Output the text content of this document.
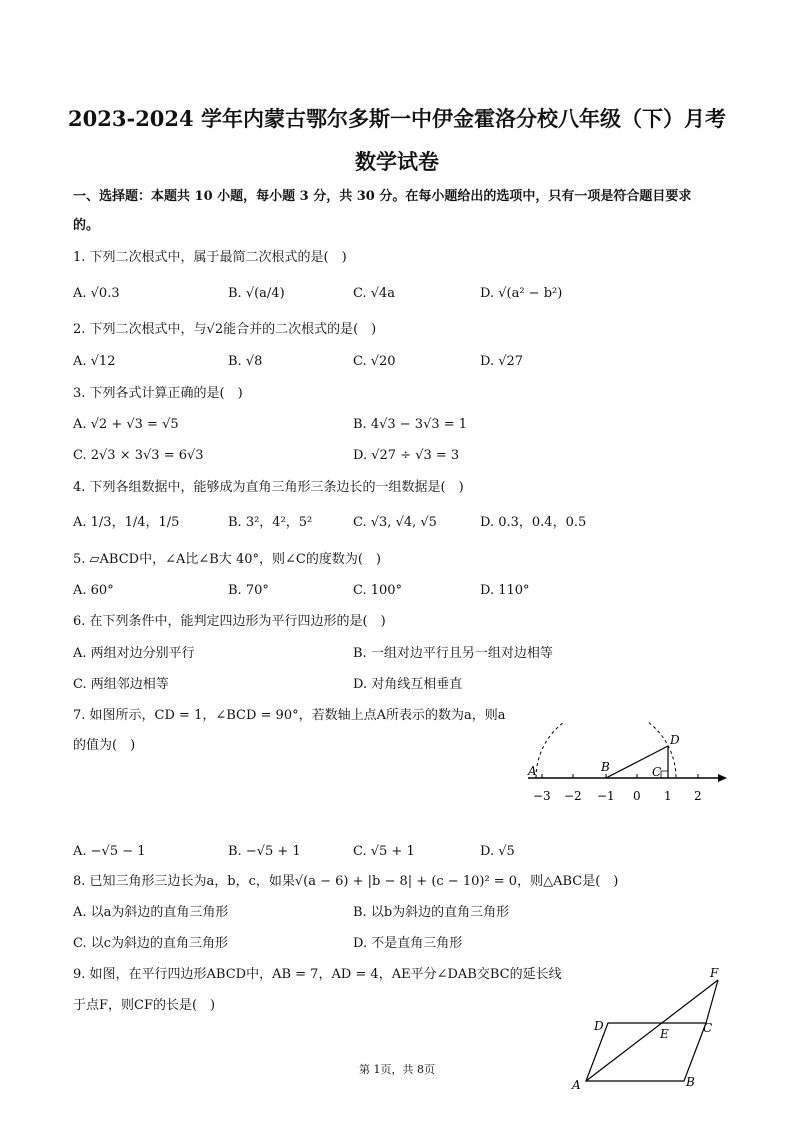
2023-2024 学年内蒙古鄂尔多斯一中伊金霍洛分校八年级（下）月考
数学试卷
一、选择题：本题共 10 小题，每小题 3 分，共 30 分。在每小题给出的选项中，只有一项是符合题目要求
的。
1. 下列二次根式中，属于最简二次根式的是(　)
A. √0.3	B. √(a/4)	C. √4a	D. √(a² − b²)
2. 下列二次根式中，与√2能合并的二次根式的是(　)
A. √12	B. √8	C. √20	D. √27
3. 下列各式计算正确的是(　)
A. √2 + √3 = √5	B. 4√3 − 3√3 = 1
C. 2√3 × 3√3 = 6√3	D. √27 ÷ √3 = 3
4. 下列各组数据中，能够成为直角三角形三条边长的一组数据是(　)
A. 1/3，1/4，1/5	B. 3²，4²，5²	C. √3, √4, √5	D. 0.3，0.4，0.5
5. ▱ABCD中，∠A比∠B大 40°，则∠C的度数为(　)
A. 60°	B. 70°	C. 100°	D. 110°
6. 在下列条件中，能判定四边形为平行四边形的是(　)
A. 两组对边分别平行	B. 一组对边平行且另一组对边相等
C. 两组邻边相等	D. 对角线互相垂直
7. 如图所示，CD = 1，∠BCD = 90°，若数轴上点A所表示的数为a，则a
的值为(　)
A	B	C
D
−3 −2 −1 0 1 2
A. −√5 − 1	B. −√5 + 1	C. √5 + 1	D. √5
8. 已知三角形三边长为a，b，c，如果√(a − 6) + |b − 8| + (c − 10)² = 0，则△ABC是(　)
A. 以a为斜边的直角三角形	B. 以b为斜边的直角三角形
C. 以c为斜边的直角三角形	D. 不是直角三角形
9. 如图，在平行四边形ABCD中，AB = 7，AD = 4，AE平分∠DAB交BC的延长线
于点F，则CF的长是(　)
A	B
C
D
E
F
第 1页，共 8页
